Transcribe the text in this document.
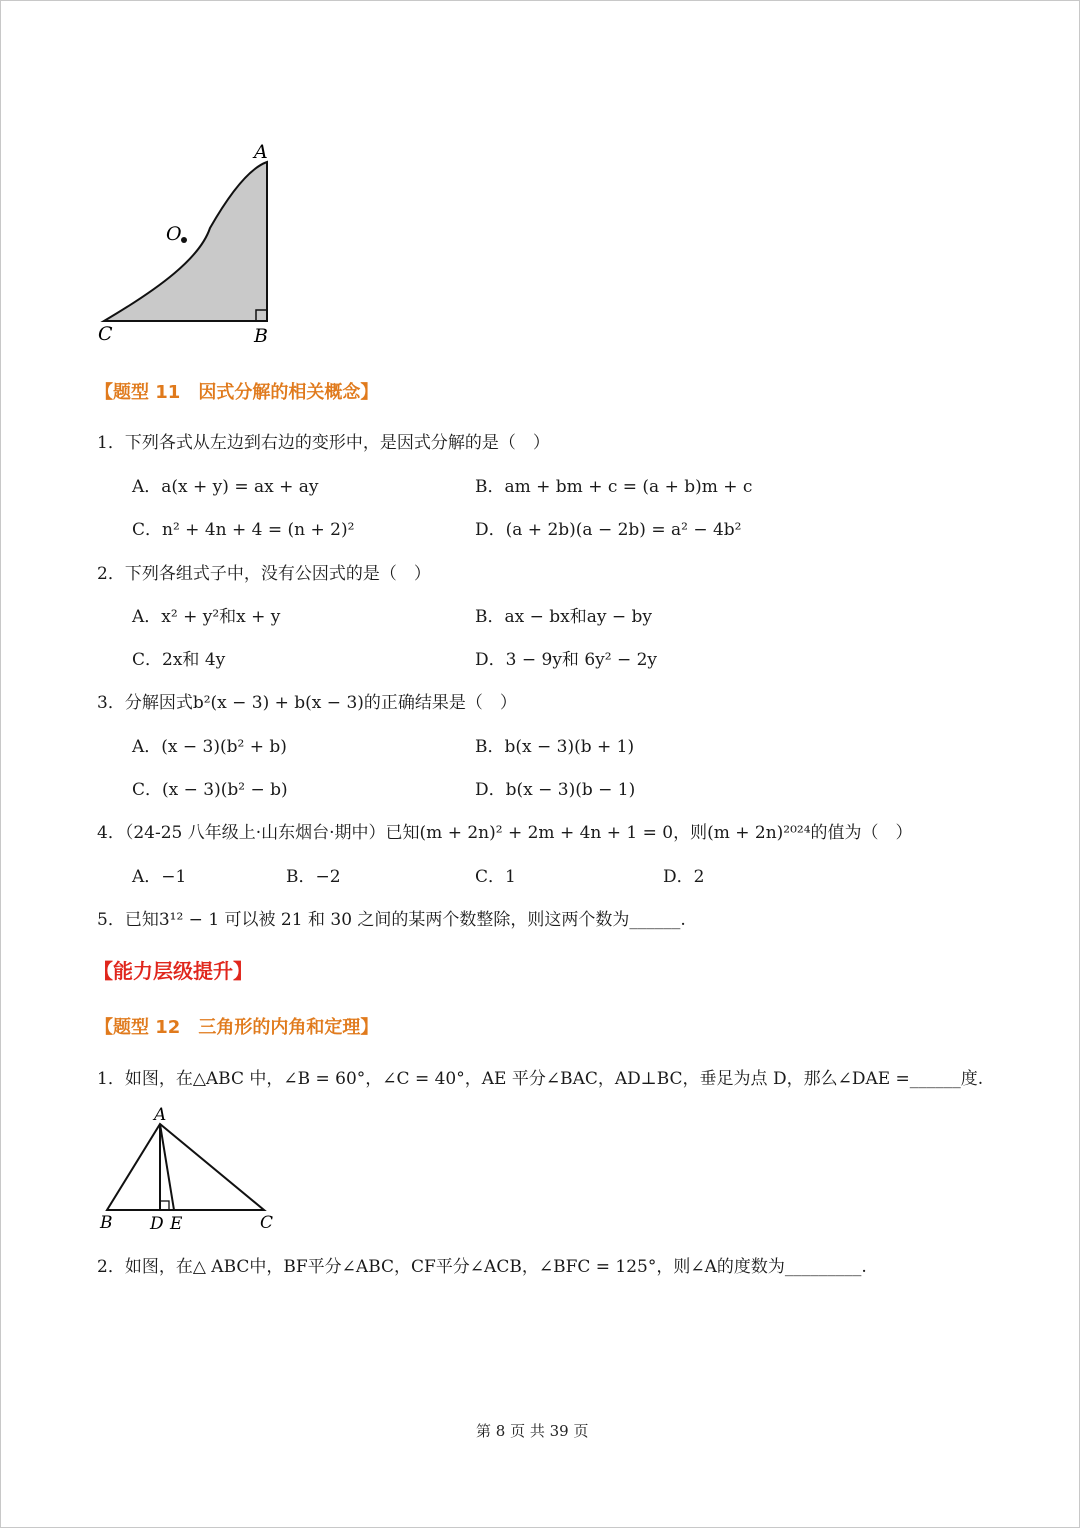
A
O
C	B
【题型 11　因式分解的相关概念】
1．下列各式从左边到右边的变形中，是因式分解的是（　）
A．a(x + y) = ax + ay	B．am + bm + c = (a + b)m + c
C．n² + 4n + 4 = (n + 2)²	D．(a + 2b)(a − 2b) = a² − 4b²
2．下列各组式子中，没有公因式的是（　）
A．x² + y²和x + y	B．ax − bx和ay − by
C．2x和 4y	D．3 − 9y和 6y² − 2y
3．分解因式b²(x − 3) + b(x − 3)的正确结果是（　）
A．(x − 3)(b² + b)	B．b(x − 3)(b + 1)
C．(x − 3)(b² − b)	D．b(x − 3)(b − 1)
4．（24-25 八年级上·山东烟台·期中）已知(m + 2n)² + 2m + 4n + 1 = 0，则(m + 2n)²⁰²⁴的值为（　）
A．−1	B．−2	C．1	D．2
5．已知3¹² − 1 可以被 21 和 30 之间的某两个数整除，则这两个数为______.
【能力层级提升】
【题型 12　三角形的内角和定理】
1．如图，在△ABC 中，∠B = 60°，∠C = 40°，AE 平分∠BAC，AD⊥BC，垂足为点 D，那么∠DAE =______度.
A
B D E	C
2．如图，在△ ABC中，BF平分∠ABC，CF平分∠ACB，∠BFC = 125°，则∠A的度数为_________.
第 8 页 共 39 页
